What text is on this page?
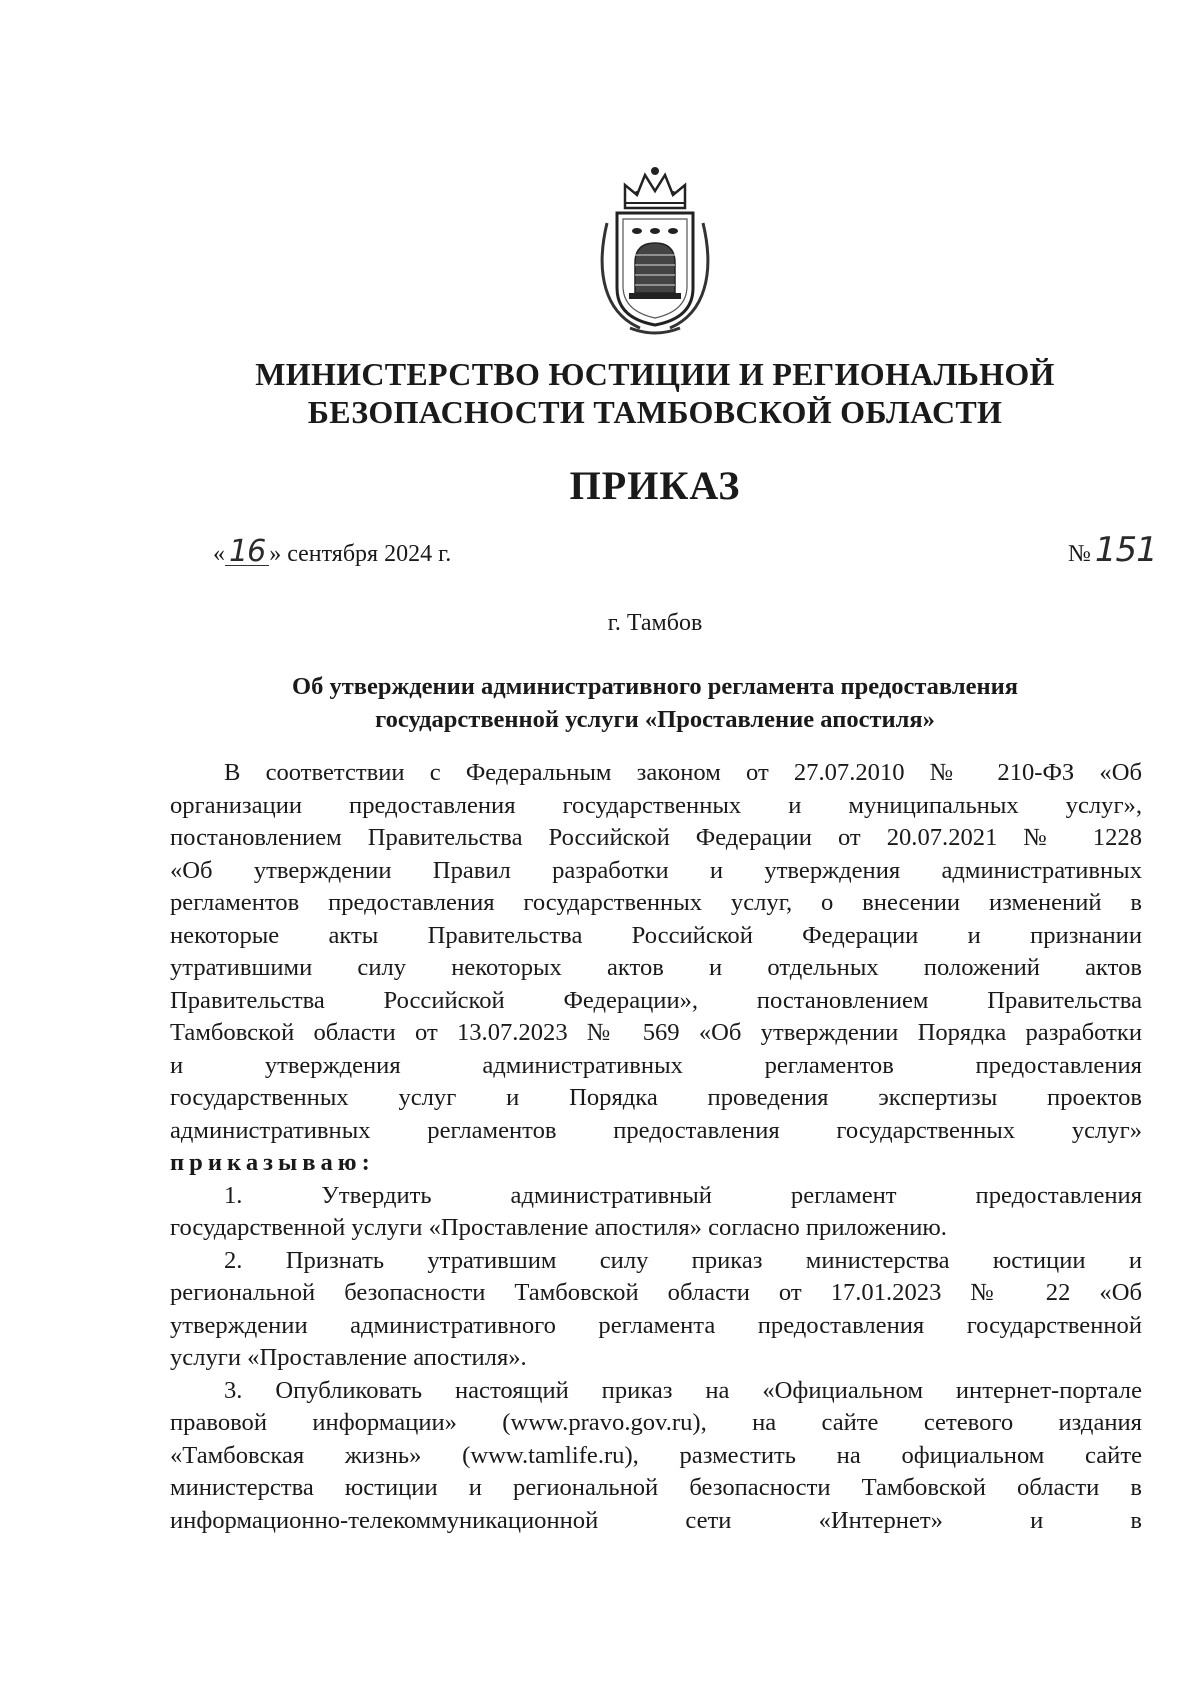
МИНИСТЕРСТВО ЮСТИЦИИ И РЕГИОНАЛЬНОЙ
БЕЗОПАСНОСТИ ТАМБОВСКОЙ ОБЛАСТИ
ПРИКАЗ
« 16 » сентября 2024 г.	№ 151
г. Тамбов
Об утверждении административного регламента предоставления
государственной услуги «Проставление апостиля»
В соответствии с Федеральным законом от 27.07.2010 № 210-ФЗ «Об
организации предоставления государственных и муниципальных услуг»,
постановлением Правительства Российской Федерации от 20.07.2021 № 1228
«Об утверждении Правил разработки и утверждения административных
регламентов предоставления государственных услуг, о внесении изменений в
некоторые акты Правительства Российской Федерации и признании
утратившими силу некоторых актов и отдельных положений актов
Правительства Российской Федерации», постановлением Правительства
Тамбовской области от 13.07.2023 № 569 «Об утверждении Порядка разработки
и утверждения административных регламентов предоставления
государственных услуг и Порядка проведения экспертизы проектов
административных регламентов предоставления государственных услуг»
приказываю:
1. Утвердить административный регламент предоставления
государственной услуги «Проставление апостиля» согласно приложению.
2. Признать утратившим силу приказ министерства юстиции и
региональной безопасности Тамбовской области от 17.01.2023 № 22 «Об
утверждении административного регламента предоставления государственной
услуги «Проставление апостиля».
3. Опубликовать настоящий приказ на «Официальном интернет-портале
правовой информации» (www.pravo.gov.ru), на сайте сетевого издания
«Тамбовская жизнь» (www.tamlife.ru), разместить на официальном сайте
министерства юстиции и региональной безопасности Тамбовской области в
информационно-телекоммуникационной сети «Интернет» и в
